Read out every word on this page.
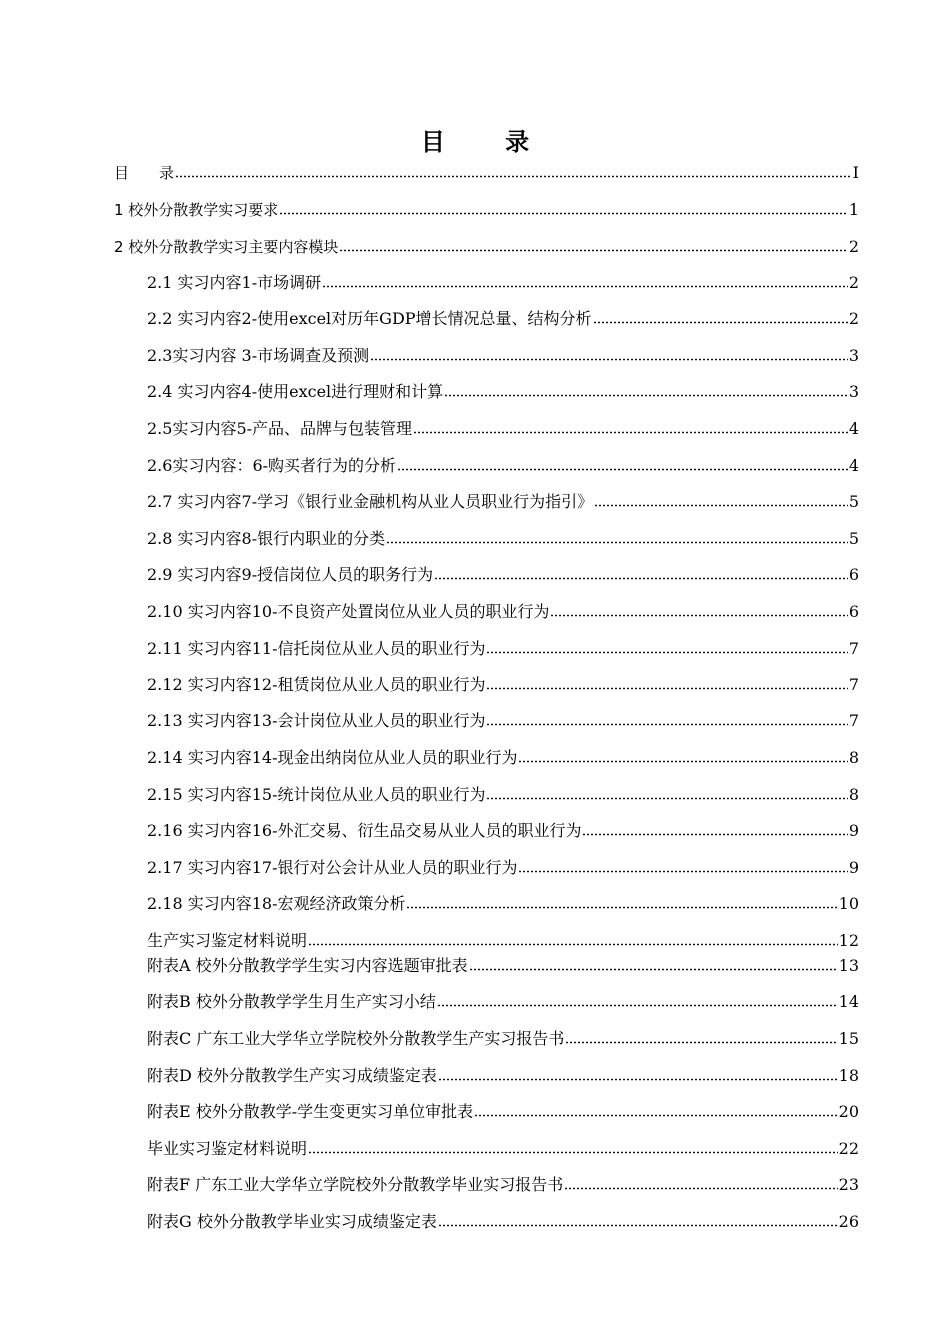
目 录
目　　录	I
1 校外分散教学实习要求	1
2 校外分散教学实习主要内容模块	2
2.1 实习内容1-市场调研	2
2.2 实习内容2-使用excel对历年GDP增长情况总量、结构分析	2
2.3实习内容 3-市场调查及预测	3
2.4 实习内容4-使用excel进行理财和计算	3
2.5实习内容5-产品、品牌与包装管理	4
2.6实习内容：6-购买者行为的分析	4
2.7 实习内容7-学习《银行业金融机构从业人员职业行为指引》	5
2.8 实习内容8-银行内职业的分类	5
2.9 实习内容9-授信岗位人员的职务行为	6
2.10 实习内容10-不良资产处置岗位从业人员的职业行为	6
2.11 实习内容11-信托岗位从业人员的职业行为	7
2.12 实习内容12-租赁岗位从业人员的职业行为	7
2.13 实习内容13-会计岗位从业人员的职业行为	7
2.14 实习内容14-现金出纳岗位从业人员的职业行为	8
2.15 实习内容15-统计岗位从业人员的职业行为	8
2.16 实习内容16-外汇交易、衍生品交易从业人员的职业行为	9
2.17 实习内容17-银行对公会计从业人员的职业行为	9
2.18 实习内容18-宏观经济政策分析	10
生产实习鉴定材料说明	12
附表A 校外分散教学学生实习内容选题审批表	13
附表B 校外分散教学学生月生产实习小结	14
附表C 广东工业大学华立学院校外分散教学生产实习报告书	15
附表D 校外分散教学生产实习成绩鉴定表	18
附表E 校外分散教学-学生变更实习单位审批表	20
毕业实习鉴定材料说明	22
附表F 广东工业大学华立学院校外分散教学毕业实习报告书	23
附表G 校外分散教学毕业实习成绩鉴定表	26
